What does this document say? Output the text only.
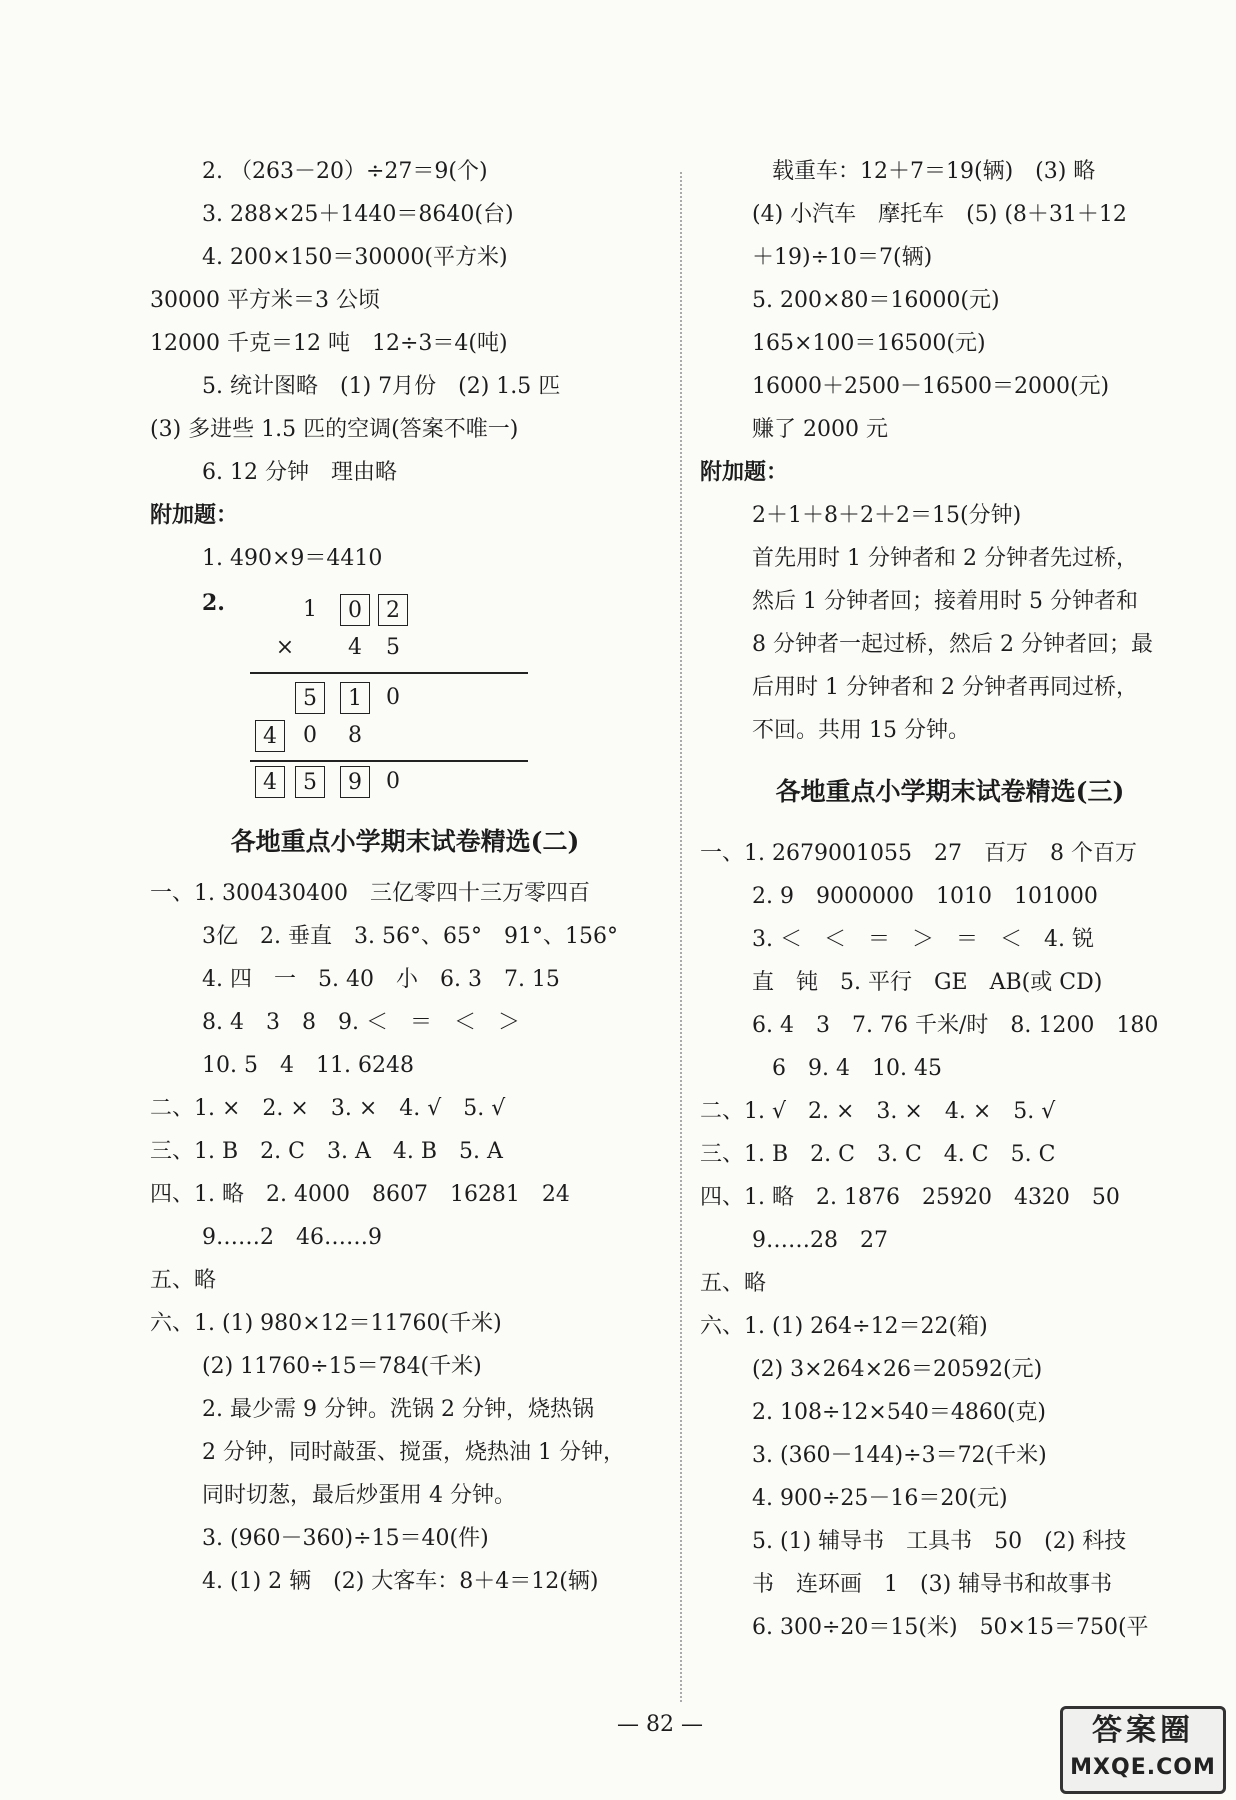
2. （263－20）÷27＝9(个)
3. 288×25＋1440＝8640(台)
4. 200×150＝30000(平方米)
30000 平方米＝3 公顷
12000 千克＝12 吨　12÷3＝4(吨)
5. 统计图略　(1) 7月份　(2) 1.5 匹
(3) 多进些 1.5 匹的空调(答案不唯一)
6. 12 分钟　理由略
附加题：
1. 490×9＝4410
2.	1	0	2
×	4	5
5	1	0
4	0	8
4	5	9	0
各地重点小学期末试卷精选(二)
一、1. 300430400　三亿零四十三万零四百
3亿　2. 垂直　3. 56°、65°　91°、156°
4. 四　一　5. 40　小　6. 3　7. 15
8. 4　3　8　9. ＜　＝　＜　＞
10. 5　4　11. 6248
二、1. ×　2. ×　3. ×　4. √　5. √
三、1. B　2. C　3. A　4. B　5. A
四、1. 略　2. 4000　8607　16281　24
9……2　46……9
五、略
六、1. (1) 980×12＝11760(千米)
(2) 11760÷15＝784(千米)
2. 最少需 9 分钟。洗锅 2 分钟，烧热锅
2 分钟，同时敲蛋、搅蛋，烧热油 1 分钟，
同时切葱，最后炒蛋用 4 分钟。
3. (960－360)÷15＝40(件)
4. (1) 2 辆　(2) 大客车：8＋4＝12(辆)
载重车：12＋7＝19(辆)　(3) 略
(4) 小汽车　摩托车　(5) (8＋31＋12
＋19)÷10＝7(辆)
5. 200×80＝16000(元)
165×100＝16500(元)
16000＋2500－16500＝2000(元)
赚了 2000 元
附加题：
2＋1＋8＋2＋2＝15(分钟)
首先用时 1 分钟者和 2 分钟者先过桥，
然后 1 分钟者回；接着用时 5 分钟者和
8 分钟者一起过桥，然后 2 分钟者回；最
后用时 1 分钟者和 2 分钟者再同过桥，
不回。共用 15 分钟。
各地重点小学期末试卷精选(三)
一、1. 2679001055　27　百万　8 个百万
2. 9　9000000　1010　101000
3. ＜　＜　＝　＞　＝　＜　4. 锐
直　钝　5. 平行　GE　AB(或 CD)
6. 4　3　7. 76 千米/时　8. 1200　180
6　9. 4　10. 45
二、1. √　2. ×　3. ×　4. ×　5. √
三、1. B　2. C　3. C　4. C　5. C
四、1. 略　2. 1876　25920　4320　50
9……28　27
五、略
六、1. (1) 264÷12＝22(箱)
(2) 3×264×26＝20592(元)
2. 108÷12×540＝4860(克)
3. (360－144)÷3＝72(千米)
4. 900÷25－16＝20(元)
5. (1) 辅导书　工具书　50　(2) 科技
书　连环画　1　(3) 辅导书和故事书
6. 300÷20＝15(米)　50×15＝750(平
— 82 —	答案圈
MXQE.COM
